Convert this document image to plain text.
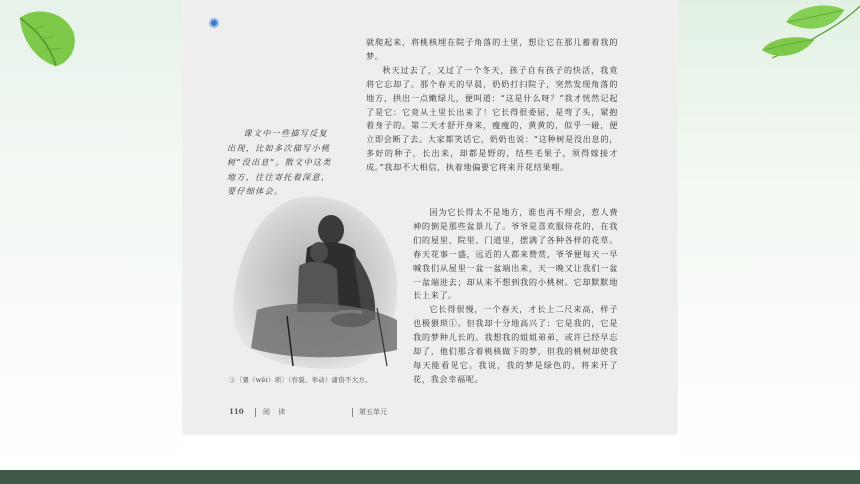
就爬起来，将桃核埋在院子角落的土里，想让它在那儿蓄着我的梦。

秋天过去了，又过了一个冬天，孩子自有孩子的快活，我竟将它忘却了。那个春天的早晨，奶奶打扫院子，突然发现角落的地方，拱出一点嫩绿儿，便叫道：“这是什么呀？”我才恍然记起了是它：它竟从土里长出来了！它长得很委屈，是弯了头，紧抱着身子的。第二天才舒开身来，瘦瘦的，黄黄的，似乎一碰，便立即会断了去。大家都笑话它，奶奶也说：“这种树是没出息的，多好的种子，长出来，却都是野的，结些毛果子，须得嫁接才成。”我却不大相信，执着地偏要它将来开花结果哩。

课文中一些描写反复出现，比如多次描写小桃树“没出息”。散文中这类地方，往往寄托着深意，要仔细体会。

因为它长得太不是地方，谁也再不理会，惹人费神的倒是那些盆景儿了。爷爷是喜欢服侍花的，在我们的屋里、院里、门道里，摆满了各种各样的花草。春天花事一盛，远近的人都来赞赏，爷爷便每天一早喊我们从屋里一盆一盆端出来，天一晚又让我们一盆一盆端进去；却从来不想到我的小桃树。它却默默地长上来了。

它长得很慢，一个春天，才长上二尺来高，样子也极猥琐①。但我却十分地高兴了：它是我的，它是我的梦种儿长的。我想我的姐姐弟弟，或许已经早忘却了，他们那含着桃核做下的梦，但我的桃树却使我每天能看见它。我说，我的梦是绿色的，将来开了花，我会幸福呢。

①〔猥（wěi）琐〕（容貌、举动）庸俗不大方。
110	阅 读	第五单元
